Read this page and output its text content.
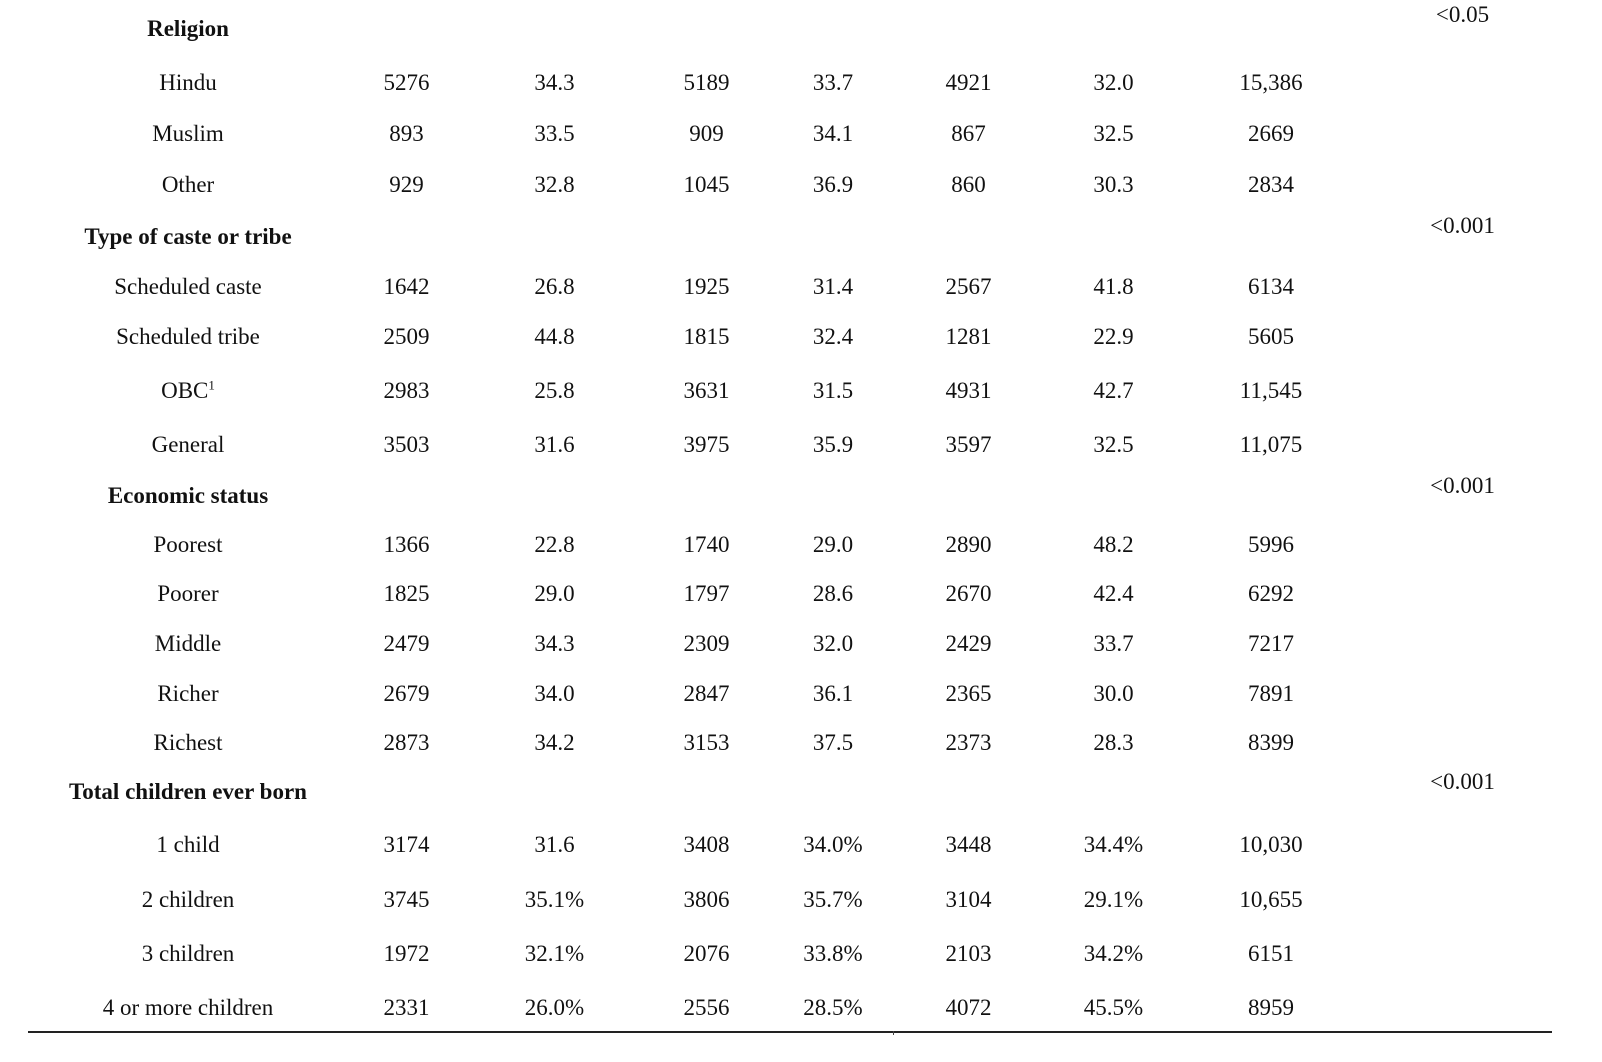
Religion								<0.05
Hindu	5276	34.3	5189	33.7	4921	32.0	15,386	
Muslim	893	33.5	909	34.1	867	32.5	2669	
Other	929	32.8	1045	36.9	860	30.3	2834	
Type of caste or tribe								<0.001
Scheduled caste	1642	26.8	1925	31.4	2567	41.8	6134	
Scheduled tribe	2509	44.8	1815	32.4	1281	22.9	5605	
OBC$^1$	2983	25.8	3631	31.5	4931	42.7	11,545	
General	3503	31.6	3975	35.9	3597	32.5	11,075	
Economic status								<0.001
Poorest	1366	22.8	1740	29.0	2890	48.2	5996	
Poorer	1825	29.0	1797	28.6	2670	42.4	6292	
Middle	2479	34.3	2309	32.0	2429	33.7	7217	
Richer	2679	34.0	2847	36.1	2365	30.0	7891	
Richest	2873	34.2	3153	37.5	2373	28.3	8399	
Total children ever born								<0.001
1 child	3174	31.6	3408	34.0%	3448	34.4%	10,030	
2 children	3745	35.1%	3806	35.7%	3104	29.1%	10,655	
3 children	1972	32.1%	2076	33.8%	2103	34.2%	6151	
4 or more children	2331	26.0%	2556	28.5%	4072	45.5%	8959	
